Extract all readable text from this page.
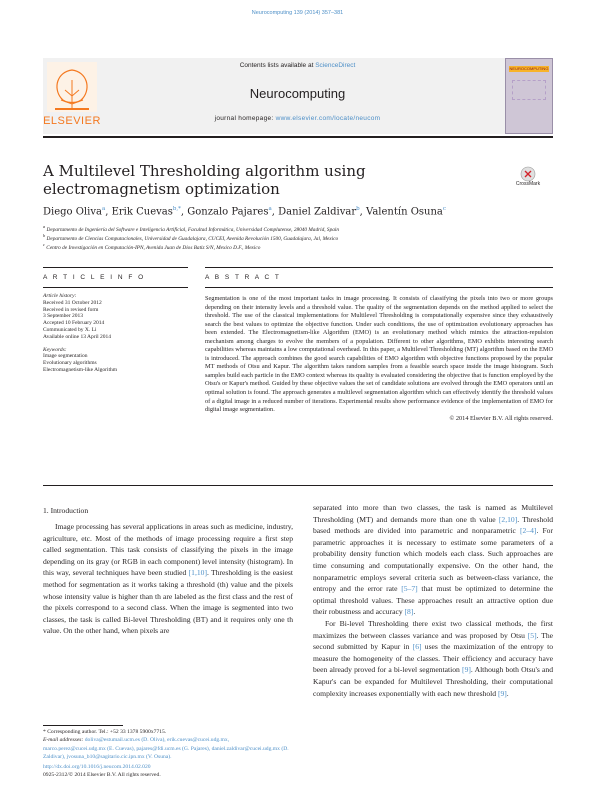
Neurocomputing 139 (2014) 357–381
ELSEVIER
Contents lists available at ScienceDirect
Neurocomputing
journal homepage: www.elsevier.com/locate/neucom
NEUROCOMPUTING
A Multilevel Thresholding algorithm using electromagnetism optimization	CrossMark
Diego Oliva$^a$, Erik Cuevas$^{b,*}$, Gonzalo Pajares$^a$, Daniel Zaldivar$^b$, Valentín Osuna$^c$
$^a$ Departamento de Ingeniería del Software e Inteligencia Artificial, Facultad Informática, Universidad Complutense, 28040 Madrid, Spain
$^b$ Departamento de Ciencias Computacionales, Universidad de Guadalajara, CUCEI, Avenida Revolución 1500, Guadalajara, Jal, Mexico
$^c$ Centro de Investigación en Computación-IPN, Avenida Juan de Dios Batiz S/N, Mexico D.F., Mexico
A R T I C L E I N F O	A B S T R A C T
Article history:
Received 31 October 2012
Received in revised form
3 September 2013
Accepted 10 February 2014
Communicated by X. Li
Available online 13 April 2014
Keywords:
Image segmentation
Evolutionary algorithms
Electromagnetism-like Algorithm
Segmentation is one of the most important tasks in image processing. It consists of classifying the pixels into two or more groups depending on their intensity levels and a threshold value. The quality of the segmentation depends on the method applied to select the threshold. The use of the classical implementations for Multilevel Thresholding is computationally expensive since they exhaustively search the best values to optimize the objective function. Under such conditions, the use of optimization evolutionary approaches has been extended. The Electromagnetism-like Algorithm (EMO) is an evolutionary method which mimics the attraction-repulsion mechanism among charges to evolve the members of a population. Different to other algorithms, EMO exhibits interesting search capabilities whereas maintains a low computational overhead. In this paper, a Multilevel Thresholding (MT) algorithm based on the EMO is introduced. The approach combines the good search capabilities of EMO algorithm with objective functions proposed by the popular MT methods of Otsu and Kapur. The algorithm takes random samples from a feasible search space inside the image histogram. Such samples build each particle in the EMO context whereas its quality is evaluated considering the objective that is function employed by the Otsu's or Kapur's method. Guided by these objective values the set of candidate solutions are evolved through the EMO operators until an optimal solution is found. The approach generates a multilevel segmentation algorithm which can effectively identify the threshold values of a digital image in a reduced number of iterations. Experimental results show performance evidence of the implementation of EMO for digital image segmentation.
© 2014 Elsevier B.V. All rights reserved.
1. Introduction

Image processing has several applications in areas such as medicine, industry, agriculture, etc. Most of the methods of image processing require a first step called segmentation. This task consists of classifying the pixels in the image depending on its gray (or RGB in each component) level intensity (histogram). In this way, several techniques have been studied [1,10]. Thresholding is the easiest method for segmentation as it works taking a threshold (th) value and the pixels whose intensity value is higher than th are labeled as the first class and the rest of the pixels correspond to a second class. When the image is segmented into two classes, the task is called Bi-level Thresholding (BT) and it requires only one th value. On the other hand, when pixels are

separated into more than two classes, the task is named as Multilevel Thresholding (MT) and demands more than one th value [2,10]. Threshold based methods are divided into parametric and nonparametric [2–4]. For parametric approaches it is necessary to estimate some parameters of a probability density function which models each class. Such approaches are time consuming and computationally expensive. On the other hand, the nonparametric employs several criteria such as between-class variance, the entropy and the error rate [5–7] that must be optimized to determine the optimal threshold values. These approaches result an attractive option due their robustness and accuracy [8].

For Bi-level Thresholding there exist two classical methods, the first maximizes the between classes variance and was proposed by Otsu [5]. The second submitted by Kapur in [6] uses the maximization of the entropy to measure the homogeneity of the classes. Their efficiency and accuracy have been already proved for a bi-level segmentation [9]. Although both Otsu's and Kapur's can be expanded for Multilevel Thresholding, their computational complexity increases exponentially with each new threshold [9].

* Corresponding author. Tel.: +52 33 1378 5900x7715.
E-mail addresses: doliva@estumail.ucm.es (D. Oliva), erik.cuevas@cucei.udg.mx, marco.perez@cucei.udg.mx (E. Cuevas), pajares@fdi.ucm.es (G. Pajares), daniel.zaldivar@cucei.udg.mx (D. Zaldivar), jvosuna_b10@sagitario.cic.ipn.mx (V. Osuna).
http://dx.doi.org/10.1016/j.neucom.2014.02.020
0925-2312/© 2014 Elsevier B.V. All rights reserved.
